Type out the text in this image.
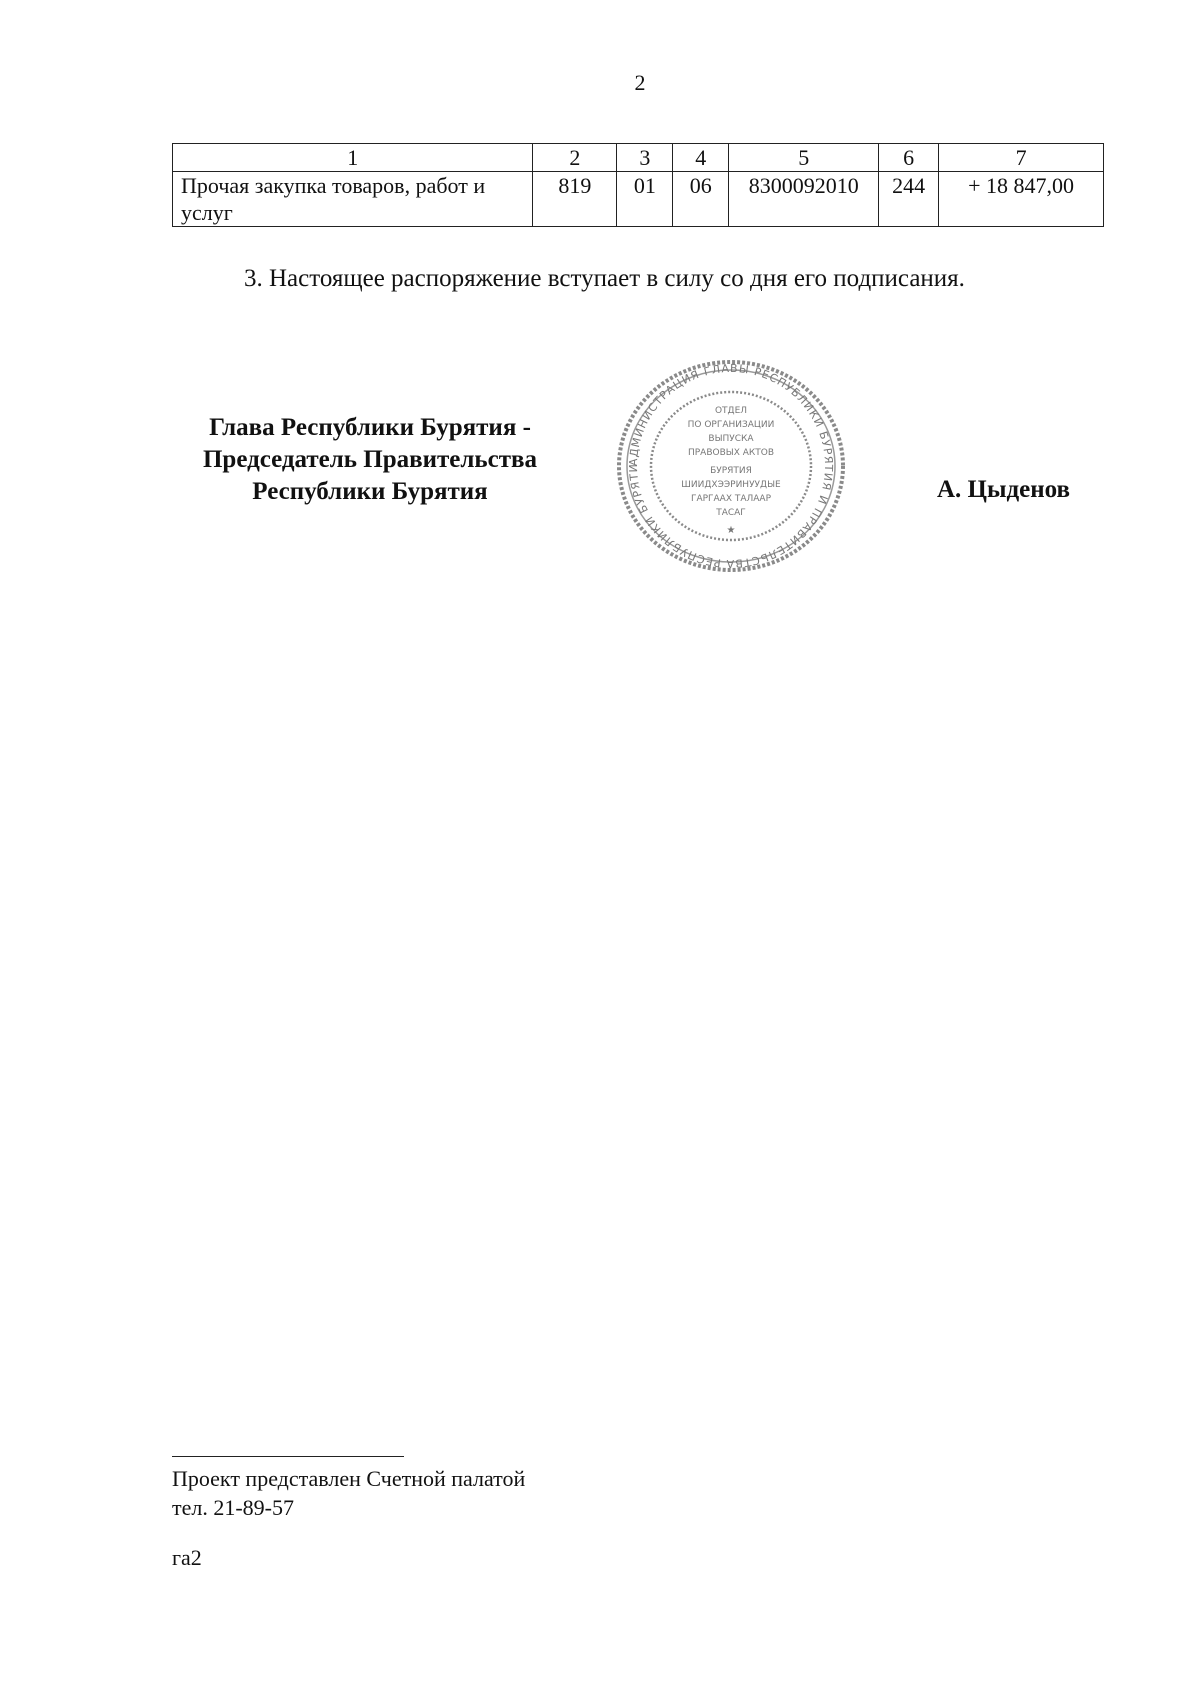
2
1	2	3	4	5	6	7
Прочая закупка товаров, работ и услуг	819	01	06	8300092010	244	+ 18 847,00
3. Настоящее распоряжение вступает в силу со дня его подписания.
Глава Республики Бурятия -
Председатель Правительства
Республики Бурятия
АДМИНИСТРАЦИЯ ГЛАВЫ РЕСПУБЛИКИ БУРЯТИЯ И ПРАВИТЕЛЬСТВА РЕСПУБЛИКИ БУРЯТИ
ОТДЕЛ
ПО ОРГАНИЗАЦИИ
ВЫПУСКА
ПРАВОВЫХ АКТОВ
БУРЯТИЯ
ШИИДХЭЭРИНУУДЫЕ
ГАРГААХ ТАЛААР
ТАСАГ
★
А. Цыденов
Проект представлен Счетной палатой
тел. 21-89-57
га2
